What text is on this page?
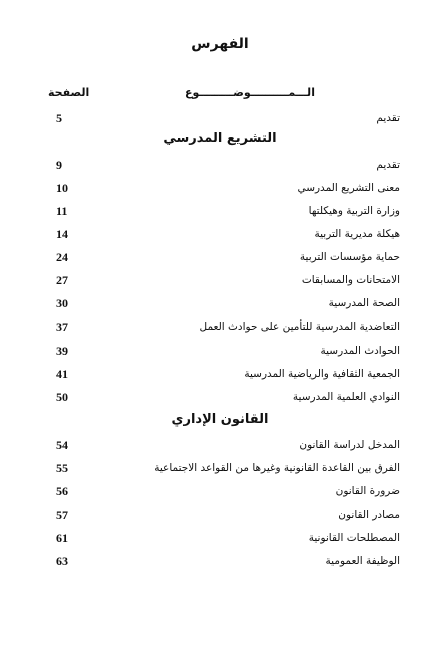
الفهرس
الـــمــــــــــوضـــــــــوع
الصفحة
5	تقديم
التشريع المدرسي
9	تقديم
10	معنى التشريع المدرسي
11	وزارة التربية وهيكلتها
14	هيكلة مديرية التربية
24	حماية مؤسسات التربية
27	الامتحانات والمسابقات
30	الصحة المدرسية
37	التعاضدية المدرسية للتأمين على حوادث العمل
39	الحوادث المدرسية
41	الجمعية الثقافية والرياضية المدرسية
50	النوادي العلمية المدرسية
القانون الإداري
54	المدخل لدراسة القانون
55	الفرق بين القاعدة القانونية وغيرها من القواعد الاجتماعية
56	ضرورة القانون
57	مصادر القانون
61	المصطلحات القانونية
63	الوظيفة العمومية
